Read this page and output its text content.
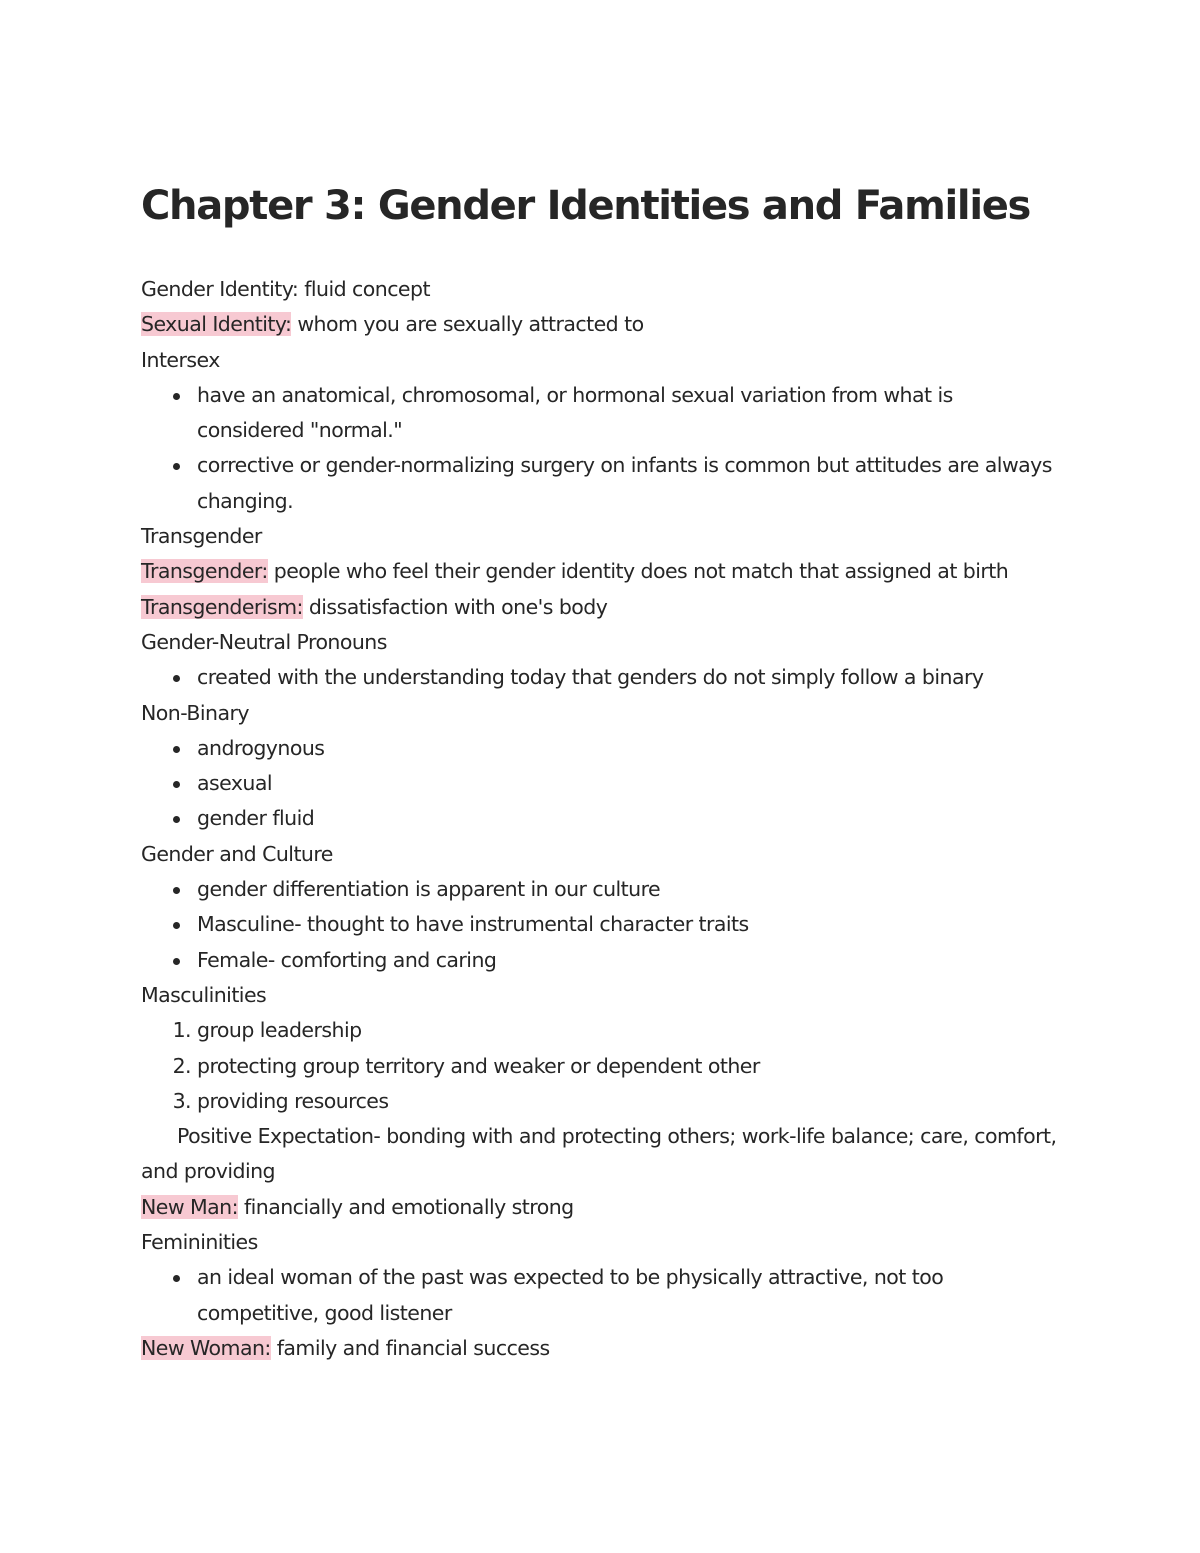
Chapter 3: Gender Identities and Families

Gender Identity: fluid concept

Sexual Identity: whom you are sexually attracted to

Intersex

have an anatomical, chromosomal, or hormonal sexual variation from what is considered "normal."
corrective or gender-normalizing surgery on infants is common but attitudes are always changing.

Transgender

Transgender: people who feel their gender identity does not match that assigned at birth

Transgenderism: dissatisfaction with one's body

Gender-Neutral Pronouns

created with the understanding today that genders do not simply follow a binary

Non-Binary

androgynous
asexual
gender fluid

Gender and Culture

gender differentiation is apparent in our culture
Masculine- thought to have instrumental character traits
Female- comforting and caring

Masculinities

1. group leadership
2. protecting group territory and weaker or dependent other
3. providing resources

Positive Expectation- bonding with and protecting others; work-life balance; care, comfort, and providing

New Man: financially and emotionally strong

Femininities

an ideal woman of the past was expected to be physically attractive, not too competitive, good listener

New Woman: family and financial success
